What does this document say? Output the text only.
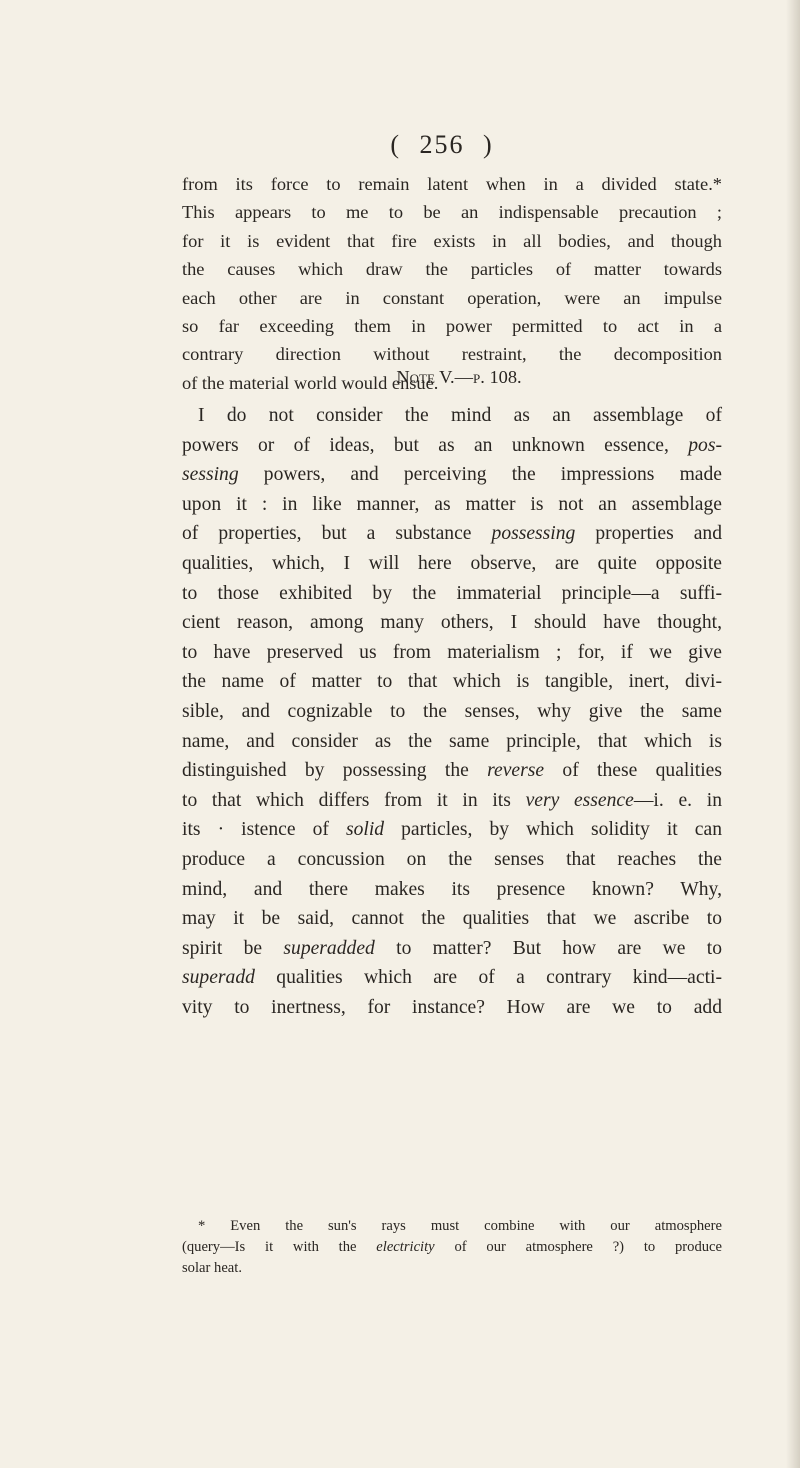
( 256 )
from its force to remain latent when in a divided state.*
This appears to me to be an indispensable precaution ;
for it is evident that fire exists in all bodies, and though
the causes which draw the particles of matter towards
each other are in constant operation, were an impulse
so far exceeding them in power permitted to act in a
contrary direction without restraint, the decomposition
of the material world would ensue.
Note V.—p. 108.
I do not consider the mind as an assemblage of
powers or of ideas, but as an unknown essence, pos-
sessing powers, and perceiving the impressions made
upon it : in like manner, as matter is not an assemblage
of properties, but a substance possessing properties and
qualities, which, I will here observe, are quite opposite
to those exhibited by the immaterial principle—a suffi-
cient reason, among many others, I should have thought,
to have preserved us from materialism ; for, if we give
the name of matter to that which is tangible, inert, divi-
sible, and cognizable to the senses, why give the same
name, and consider as the same principle, that which is
distinguished by possessing the reverse of these qualities
to that which differs from it in its very essence—i. e. in
its · istence of solid particles, by which solidity it can
produce a concussion on the senses that reaches the
mind, and there makes its presence known? Why,
may it be said, cannot the qualities that we ascribe to
spirit be superadded to matter? But how are we to
superadd qualities which are of a contrary kind—acti-
vity to inertness, for instance? How are we to add
* Even the sun's rays must combine with our atmosphere
(query—Is it with the electricity of our atmosphere ?) to produce
solar heat.
